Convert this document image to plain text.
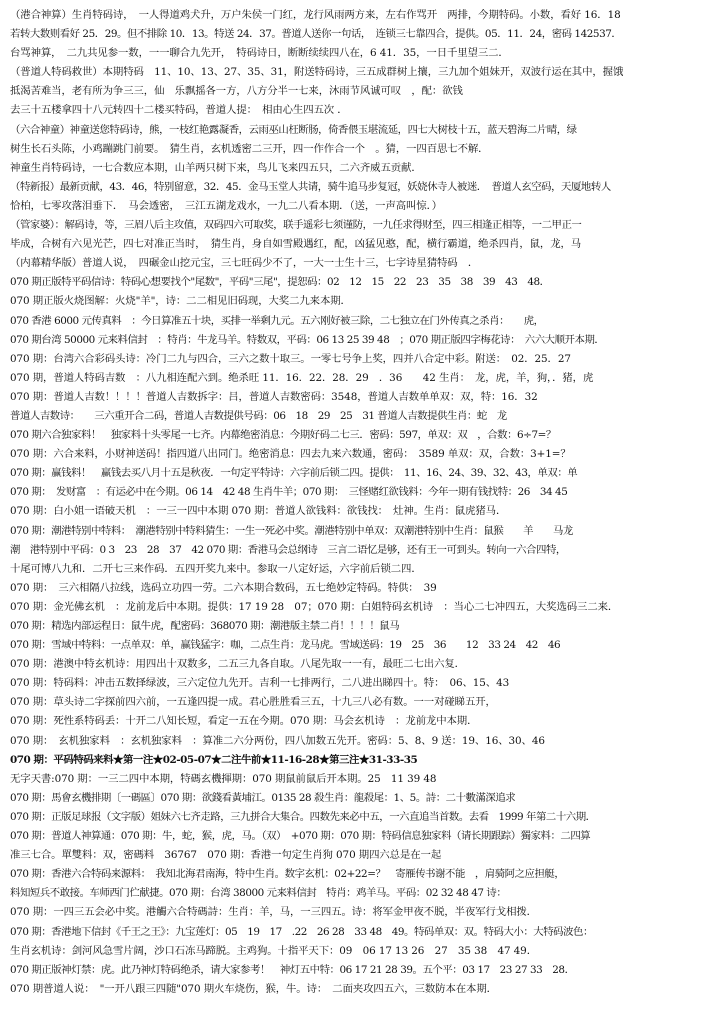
（港合神算）生肖特码诗，　一人得道鸡犬升，万户朱侯一门红，龙行风雨两方来，左右作骂开　两排，今期特码。小数，看好 16．18
若转大数则看好 25．29。但不排除 10．13。特送 24．37。普道人送你一句话，　连锁三七靠四合，提供。05．11．24，密码 142537．
台骂神算，　二九共见参一数，一一聊合九先开，　特码诗日，断断续续四八在，6 41．35，一日千里望三二．
（普道人特码救世）本期特码　11、10、13、27、35、31，附送特码诗，三五成群树上攘，三九加个姐妹开，双波行运在其中，握饿
抵渴苦难当，老有所为争三三，仙　乐飘摇各一方，八方分半一七来，沐雨节风诚可叹　，配：欲钱
去三十五楼拿四十八元转四十二楼买特码，普道人提：　相由心生四五次 ．
（六合神童）神童送您特码诗，熊，一枝红艳露凝香，云雨巫山枉断肠，倚香偎玉堪流延，四七大树枝十五，蓝天碧海二片晴，绿
树生长石头陈，小鸡蹦跳门前要。　猜生肖，玄机透密二三开，四一作作合一个　。猜，一四百思七不解．
神童生肖特码诗，一七合数应本期，山羊两只树下来，鸟儿飞来四五只，二六齐威五贡献．
（特新报）最新贡献，43．46，特别留意，32．45．金马玉堂人共请，骑牛追马步复冠，妖娆休寺人被迷．　普道人玄空码，天厦地转人
恰柏，七零攻落泪垂下．　马会透密，　三江五湖龙戏水，一九二八看本期．（送，一声高叫惊．）
（管家婆）：解码诗，等，三眉八后主攻值，双码四六可取奖，联手遥彩七须谨防，一九任求得财至，四三相逢正相等，一二甲正一
毕成，合树有六见光芒，四七对准正当时，　猜生肖，身自如雪殿遇红，配，凶猛见憨，配，横行霸道，绝杀四肖，鼠，龙，马
（内幕精华版）普道人说，　四碾金山挖元宝，三七旺码少不了，一大一士生十三，七字诗星猜特码　．
070 期正版特平码信诗：特码心想要找个"尾数"，平码"三尾"，提恕码：02　12　15　22　23　35　38　39　43　48．
070 期正版火烧图解：火烧"羊"，诗：二二相见旧码现，大奖二九来本期．
070 香港 6000 元传真料　：今日算准五十块，买排一举剩九元。五六刚好被三除，二七独立在门外传真之杀肖：　　虎，
070 期台湾 50000 元来料信封　：特肖：牛龙马羊。特数双，平码：06 13 25 39 48　；070 期正版四字梅花诗：　六六大顺开本期．
070 期：台湾六合彩码头诗：冷门二九与四合，三六之数十取三。一零七号争上奖，四并八合定中彩。附送：　02．25．27
070 期，普道人特码吉数　：八九相连配六到。绝杀旺 11．16．22．28．29　．36　　42 生肖：　龙，虎，羊，狗，．猪，虎
070 期：普道人吉数！！！！普道人吉数拆字：吕，普道人吉数密码：3548，普道人吉数单单双：双，特：16．32
普道人吉数诗：　　三六重开合二码，普道人吉数提供号码：06　18　29　25　31 普道人吉数提供生肖：蛇　龙
070 期六合独家料！　独家料十头零尾一七齐。内幕绝密消息：今期好码二七三．密码：597，单双：双　，合数：6÷7=？
070 期：六合来料，小财神送码！指四道八出同门。绝密消息：四去九来六数通，密码：　3589 单双：双，合数：3+1=？
070 期：赢钱料！　赢钱去买八月十五是秋夜．一句定平特诗：六字前后锁二四。提供：　11、16、24、39、32、43，单双：单
070 期：　发财富　：有运必中在今期。06 14　42 48 生肖牛羊；070 期：　三怪赌红欲钱料：今年一期有钱找特：26　34 45
070 期：白小姐一语破天机　：一三一四中本期 070 期：普道人欲钱料：欲钱找：　灶神。生肖：鼠虎猪马．
070 期：潮港特别中特料：　潮港特别中特料猜生：一生一死必中奖。潮港特别中单双：双潮港特别中生肖：鼠猴　　羊　　马龙
潮　港特别中平码：0 3　23　28　37　42 070 期：香港马会总纲诗　三言二语忆是够，还有王一可到头。转向一六合四特，
十尾可博八九和．二开七三来作码．五四开奖九来中。参取一八定好运，六字前后锁二四．
070 期：　三六相隔八拉线，选码立功四一劳。二六本期合数码，五七绝妙定特码。特供：　39
070 期：金光佛玄机　：龙前龙后中本期。提供：17 19 28　07；070 期：白姐特码玄机诗　：当心二七冲四五，大奖选码三二来．
070 期：精选内部运程日：鼠牛虎，配密码：368070 期：潮港版主禁二肖！！！！鼠马
070 期：雪域中特料：一点单双：单，赢钱猛字：咖，二点生肖：龙马虎。雪域送码：19　25　36　　12　33 24　42　46
070 期：港澳中特玄机诗：用四出十双数多，二五三九各自取。八尾先取一一有，最旺二七出六复．
070 期：特码料：冲击五数择绿波，三六定位九先开。吉利一七排两行，二八进出睇四十。特：　06、15、43
070 期：草头诗二字探前四六前，一五逢四提一成。君心胜胜看三五，十九三八必有数。一一对碰睇五开，
070 期：死性系特码丢：十开二八知长短，看定一五在今期。070 期：马会玄机诗　：龙前龙中本期．
070 期：　玄机独家料　：玄机独家料　：算准二六分两份，四八加数五先开。密码：5、8、9 送：19、16、30、46
070 期：平码特码来料★第一注★02-05-07★二注牛前★11-16-28★第三注★31-33-35
无字天書:070 期：一三二四中本期，特碼玄機揮期：070 期鼠前鼠后开本期。25　11 39 48
070 期：馬會玄機排期〔一碼區〕070 期：欲錢看黃埔江。0135 28 殺生肖：龍殺尾：1、5。詩：二十數滿深追求
070 期：正版足球报（文字版）姐妹六七齐走路，三九拼合大集合。四数先来必中五，一六直追当首数。去看　1999 年第二十六期．
070 期：普道人神算通：070 期：牛，蛇，猴，虎，马。（双）　+070 期：070 期：特码信息独家料（请长期跟踪）獨家料：二四算
准三七合。單雙料：双，密碼料　36767　070 期：香港一句定生肖狗 070 期四六总是在一起
070 期：香港六合特码来源料：　我知北海君南海，特中生肖。数字玄机：02+22=？　寄雁传书谢不能　，肩骑阿之应担艇，
料知短兵不敢接。车师西门伫献捷。070 期：台湾 38000 元来料信封　特肖：鸡羊马。平码：02 32 48 47 诗：
070 期：一四三五会必中奖。港觸六合特碼詩：生肖：羊，马，一三四五。诗：将军金甲夜不脱，半夜军行戈相拨．
070 期：香港地下信封《千王之王》：九宝莲灯：05　19　17　.22　26 28　33 48　49。特码单双：双。特码大小：大特码波色：
生肖玄机诗：剑河风急雪片阔，沙口石冻马蹄脱。主鸡狗。十指平天下：09　06 17 13 26　27　35 38　47 49．
070 期正版神灯禁：虎。此乃神灯特码绝杀，请大家参考！　神灯五中特：06 17 21 28 39。五个平：03 17　23 27 33　28．
070 期普道人说：　"一开八跟三四随"070 期火车烧伤，猴，牛。诗：　二面夹攻四五六，三数防本在本期．
